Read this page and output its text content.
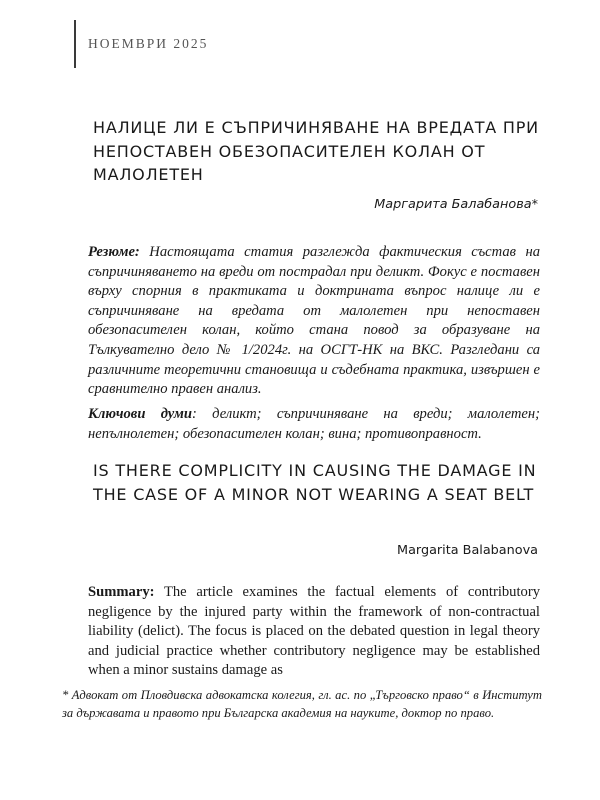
НОЕМВРИ 2025
НАЛИЦЕ ЛИ Е СЪПРИЧИНЯВАНЕ НА ВРЕДАТА ПРИ НЕПОСТАВЕН ОБЕЗОПАСИТЕЛЕН КОЛАН ОТ МАЛОЛЕТЕН
Маргарита Балабанова*
Резюме: Настоящата статия разглежда фактическия състав на съпричиняването на вреди от пострадал при деликт. Фокус е поставен върху спорния в практиката и доктрината въпрос налице ли е съпричиняване на вредата от малолетен при непоставен обезопасителен колан, който стана повод за образуване на Тълкувателно дело № 1/2024г. на ОСГТ-НК на ВКС. Разгледани са различните теоретични становища и съдебната практика, извършен е сравнително правен анализ.
Ключови думи: деликт; съпричиняване на вреди; малолетен; непълнолетен; обезопасителен колан; вина; противоправност.
IS THERE COMPLICITY IN CAUSING THE DAMAGE IN THE CASE OF A MINOR NOT WEARING A SEAT BELT
Margarita Balabanova
Summary: The article examines the factual elements of contributory negligence by the injured party within the framework of non-contractual liability (delict). The focus is placed on the debated question in legal theory and judicial practice whether contributory negligence may be established when a minor sustains damage as
* Адвокат от Пловдивска адвокатска колегия, гл. ас. по „Търговско право“ в Институт за държавата и правото при Българска академия на науките, доктор по право.
